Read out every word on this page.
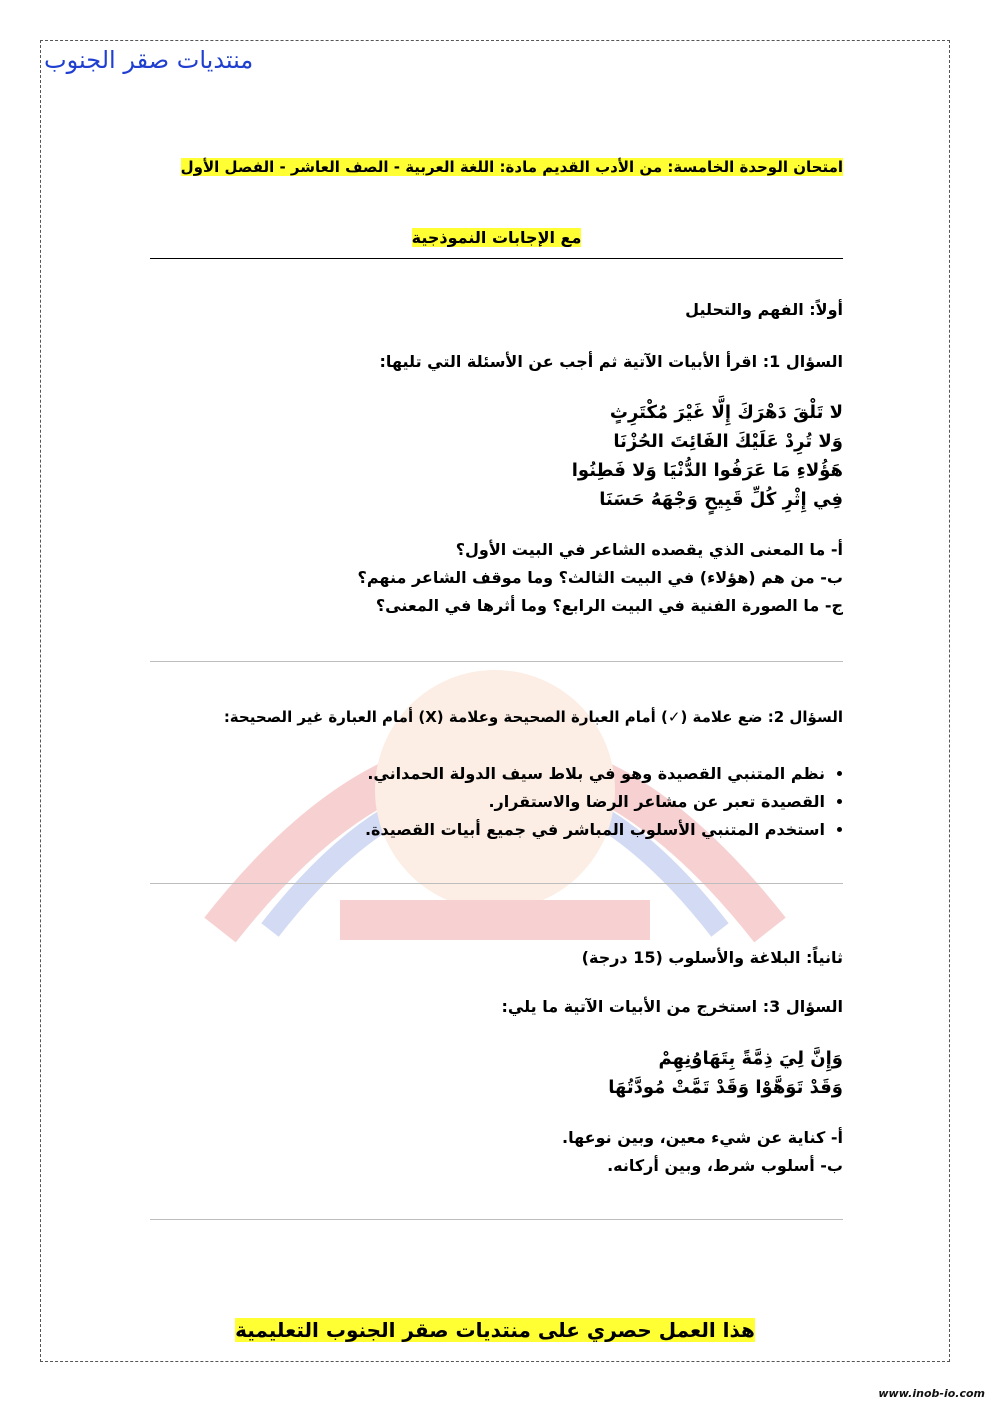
منتديات صقر الجنوب
امتحان الوحدة الخامسة: من الأدب القديم مادة: اللغة العربية - الصف العاشر - الفصل الأول
مع الإجابات النموذجية
أولاً: الفهم والتحليل
السؤال 1: اقرأ الأبيات الآتية ثم أجب عن الأسئلة التي تليها:
لا تَلْقَ دَهْرَكَ إِلَّا غَيْرَ مُكْتَرِثٍ
وَلا تُرِدْ عَلَيْكَ الفَائِتَ الحُزْنَا
هَؤُلاءِ مَا عَرَفُوا الدُّنْيَا وَلا فَطِنُوا
فِي إِثْرِ كُلِّ قَبِيحٍ وَجْهَهُ حَسَنَا
أ- ما المعنى الذي يقصده الشاعر في البيت الأول؟
ب- من هم (هؤلاء) في البيت الثالث؟ وما موقف الشاعر منهم؟
ج- ما الصورة الفنية في البيت الرابع؟ وما أثرها في المعنى؟
السؤال 2: ضع علامة (✓) أمام العبارة الصحيحة وعلامة (X) أمام العبارة غير الصحيحة:
• نظم المتنبي القصيدة وهو في بلاط سيف الدولة الحمداني.
• القصيدة تعبر عن مشاعر الرضا والاستقرار.
• استخدم المتنبي الأسلوب المباشر في جميع أبيات القصيدة.
ثانياً: البلاغة والأسلوب (15 درجة)
السؤال 3: استخرج من الأبيات الآتية ما يلي:
وَإِنَّ لِيَ ذِمَّةً بِتَهَاوُنِهِمْ
وَقَدْ تَوَهَّوْا وَقَدْ تَمَّتْ مُودَّتُهَا
أ- كناية عن شيء معين، وبين نوعها.
ب- أسلوب شرط، وبين أركانه.
هذا العمل حصري على منتديات صقر الجنوب التعليمية
www.inob-io.com
